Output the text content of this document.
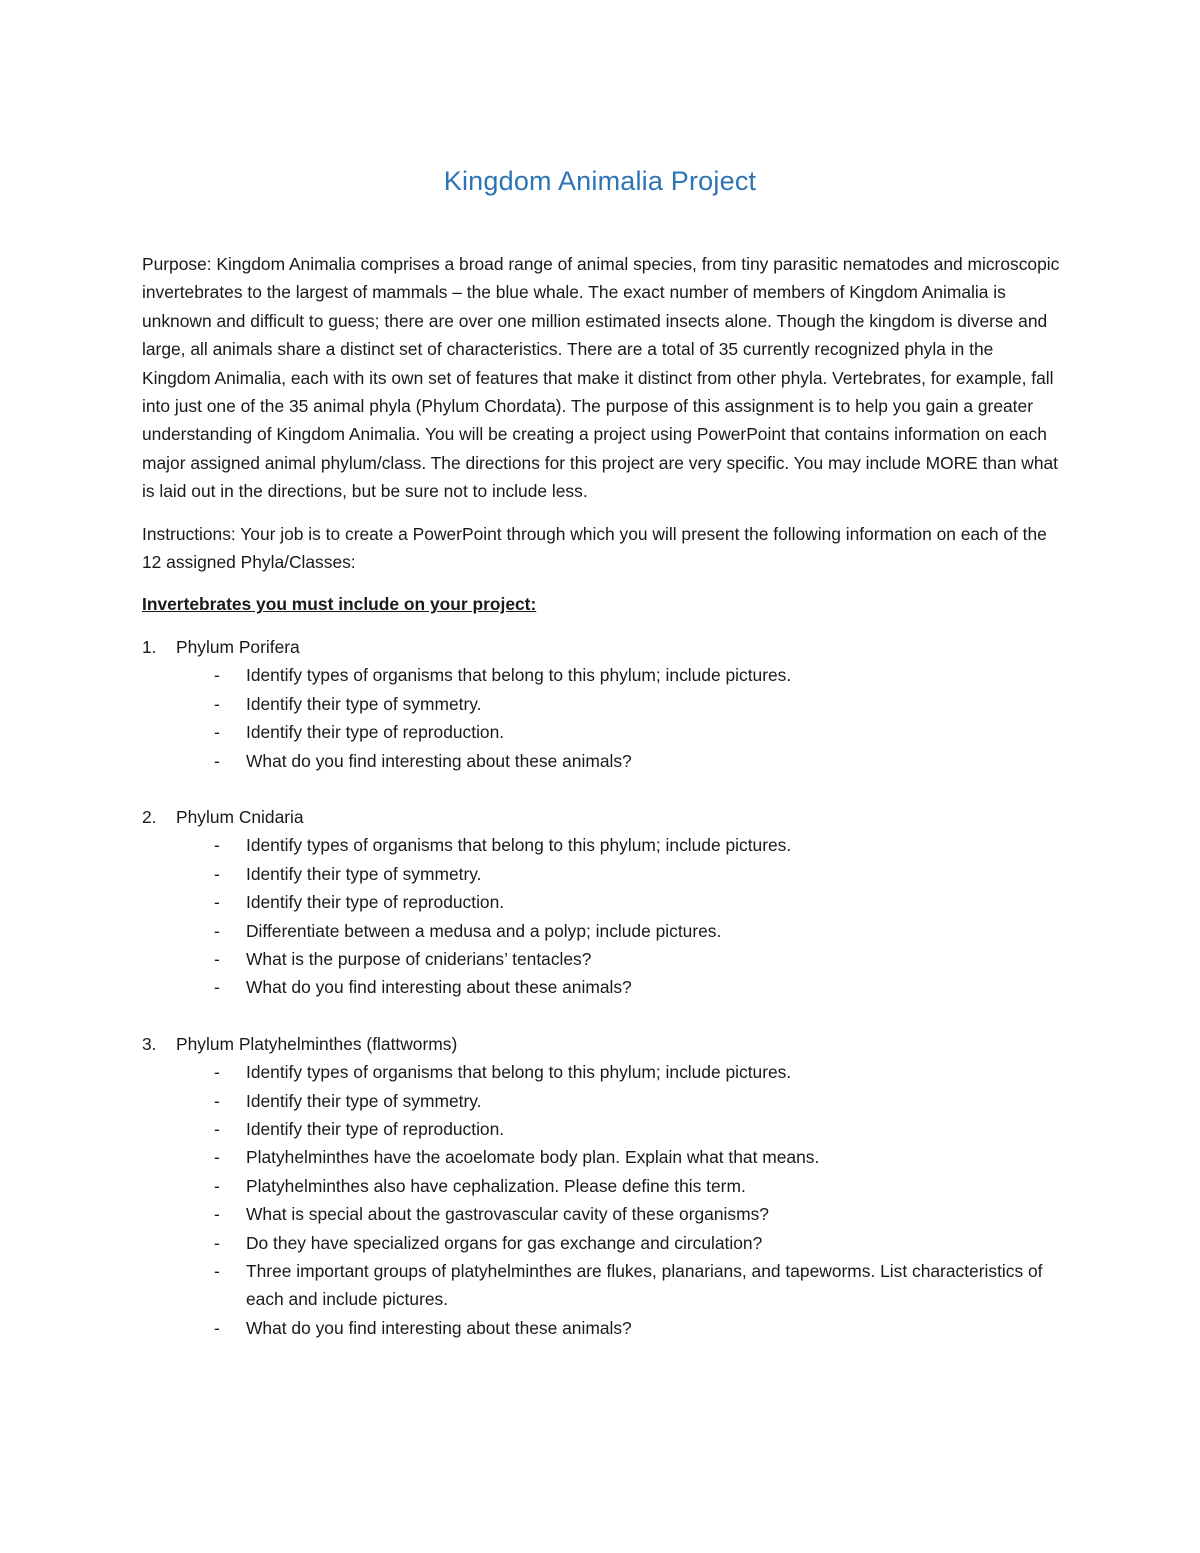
Kingdom Animalia Project

Purpose: Kingdom Animalia comprises a broad range of animal species, from tiny parasitic nematodes and microscopic invertebrates to the largest of mammals – the blue whale. The exact number of members of Kingdom Animalia is unknown and difficult to guess; there are over one million estimated insects alone. Though the kingdom is diverse and large, all animals share a distinct set of characteristics. There are a total of 35 currently recognized phyla in the Kingdom Animalia, each with its own set of features that make it distinct from other phyla. Vertebrates, for example, fall into just one of the 35 animal phyla (Phylum Chordata). The purpose of this assignment is to help you gain a greater understanding of Kingdom Animalia. You will be creating a project using PowerPoint that contains information on each major assigned animal phylum/class. The directions for this project are very specific. You may include MORE than what is laid out in the directions, but be sure not to include less.

Instructions: Your job is to create a PowerPoint through which you will present the following information on each of the 12 assigned Phyla/Classes:

Invertebrates you must include on your project:

1. Phylum Porifera

- Identify types of organisms that belong to this phylum; include pictures.
- Identify their type of symmetry.
- Identify their type of reproduction.
- What do you find interesting about these animals?

2. Phylum Cnidaria

- Identify types of organisms that belong to this phylum; include pictures.
- Identify their type of symmetry.
- Identify their type of reproduction.
- Differentiate between a medusa and a polyp; include pictures.
- What is the purpose of cniderians’ tentacles?
- What do you find interesting about these animals?

3. Phylum Platyhelminthes (flattworms)

- Identify types of organisms that belong to this phylum; include pictures.
- Identify their type of symmetry.
- Identify their type of reproduction.
- Platyhelminthes have the acoelomate body plan. Explain what that means.
- Platyhelminthes also have cephalization. Please define this term.
- What is special about the gastrovascular cavity of these organisms?
- Do they have specialized organs for gas exchange and circulation?
- Three important groups of platyhelminthes are flukes, planarians, and tapeworms. List characteristics of each and include pictures.
- What do you find interesting about these animals?
